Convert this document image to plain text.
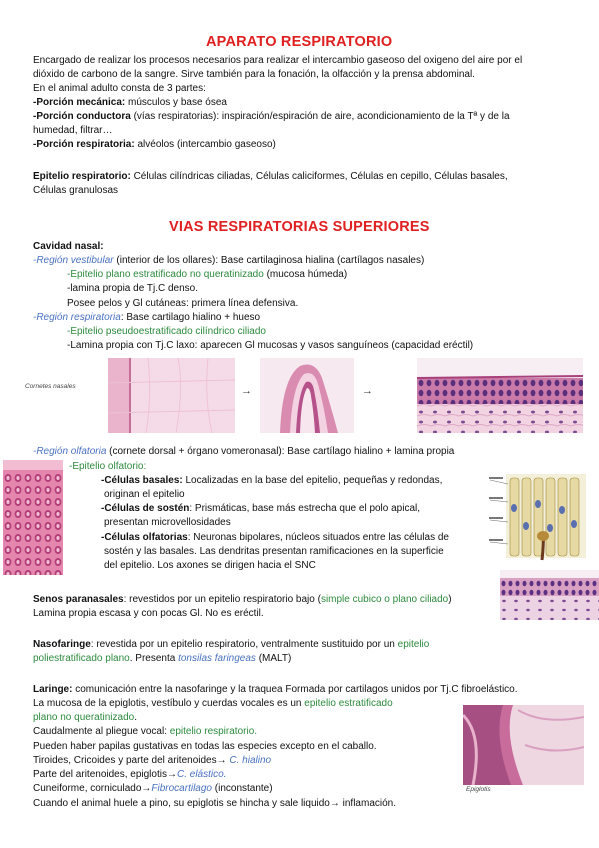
APARATO RESPIRATORIO
Encargado de realizar los procesos necesarios para realizar el intercambio gaseoso del oxigeno del aire por el
dióxido de carbono de la sangre. Sirve también para la fonación, la olfacción y la prensa abdominal.
En el animal adulto consta de 3 partes:
-Porción mecánica: músculos y base ósea
-Porción conductora (vías respiratorias): inspiración/espiración de aire, acondicionamiento de la Tª y de la
humedad, filtrar…
-Porción respiratoria: alvéolos (intercambio gaseoso)
Epitelio respiratorio: Células cilíndricas ciliadas, Células caliciformes, Células en cepillo, Células basales,
Células granulosas
VIAS RESPIRATORIAS SUPERIORES
Cavidad nasal:
-Región vestibular (interior de los ollares): Base cartilaginosa hialina (cartílagos nasales)
-Epitelio plano estratificado no queratinizado (mucosa húmeda)
-lamina propia de Tj.C denso.
Posee pelos y Gl cutáneas: primera línea defensiva.
-Región respiratoria: Base cartilago hialino + hueso
-Epitelio pseudoestratificado cilíndrico ciliado
-Lamina propia con Tj.C laxo: aparecen Gl mucosas y vasos sanguíneos (capacidad eréctil)
Cornetes nasales	→	→
-Región olfatoria (cornete dorsal + órgano vomeronasal): Base cartílago hialino + lamina propia
-Epitelio olfatorio:
-Células basales: Localizadas en la base del epitelio, pequeñas y redondas,
originan el epitelio
-Células de sostén: Prismáticas, base más estrecha que el polo apical,
presentan microvellosidades
-Células olfatorias: Neuronas bipolares, núcleos situados entre las células de
sostén y las basales. Las dendritas presentan ramificaciones en la superficie
del epitelio. Los axones se dirigen hacia el SNC
Senos paranasales: revestidos por un epitelio respiratorio bajo (simple cubico o plano ciliado)
Lamina propia escasa y con pocas Gl. No es eréctil.
Nasofaringe: revestida por un epitelio respiratorio, ventralmente sustituido por un epitelio
poliestratificado plano. Presenta tonsilas faringeas (MALT)
Laringe: comunicación entre la nasofaringe y la traquea Formada por cartilagos unidos por Tj.C fibroelástico.
La mucosa de la epiglotis, vestíbulo y cuerdas vocales es un epitelio estratificado
plano no queratinizado.
Caudalmente al pliegue vocal: epitelio respiratorio.
Pueden haber papilas gustativas en todas las especies excepto en el caballo.
Tiroides, Cricoides y parte del aritenoides→ C. hialino
Parte del aritenoides, epiglotis→C. elástico.
Cuneiforme, corniculado→Fibrocartilago (inconstante)
Cuando el animal huele a pino, su epiglotis se hincha y sale liquido→ inflamación.
Epiglotis
